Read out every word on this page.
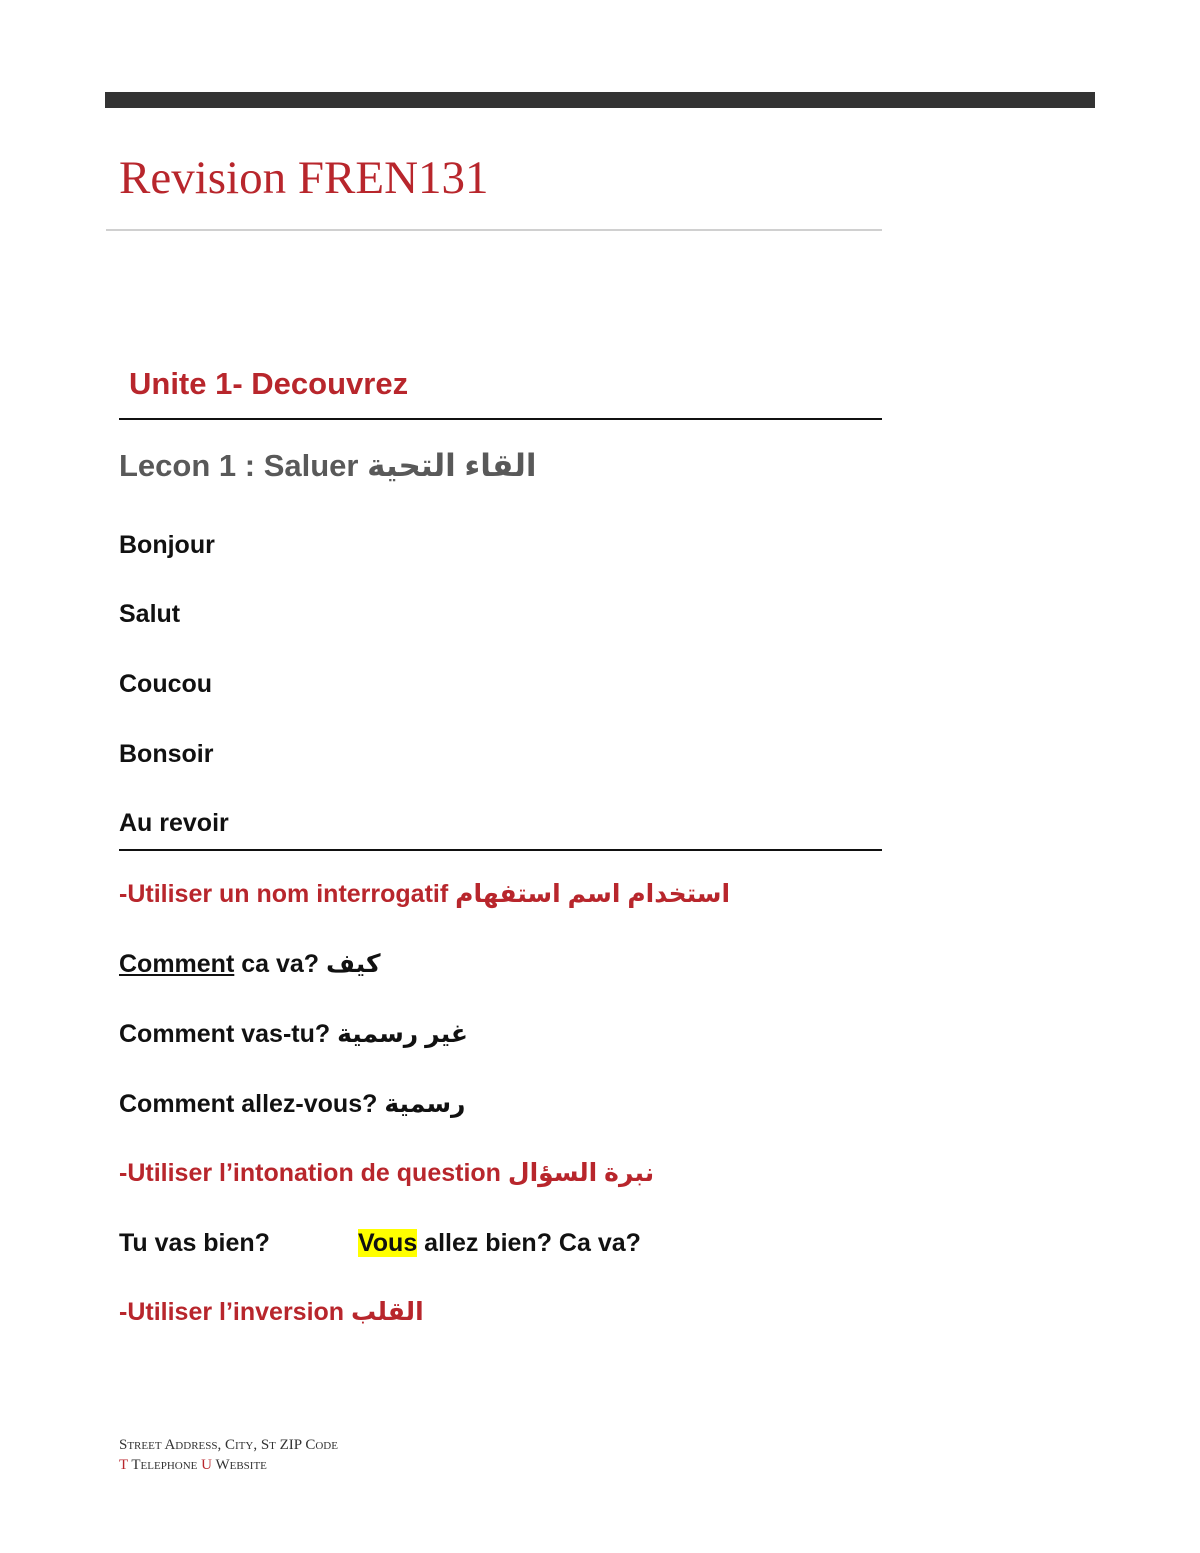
Revision FREN131
Unite 1- Decouvrez
Lecon 1 : Saluer القاء التحية
Bonjour
Salut
Coucou
Bonsoir
Au revoir
-Utiliser un nom interrogatif استخدام اسم استفهام
Comment ca va? كيف
Comment vas-tu? غير رسمية
Comment allez-vous? رسمية
-Utiliser l’intonation de question نبرة السؤال
Tu vas bien?	Vous allez bien? Ca va?
-Utiliser l’inversion القلب
Street Address, City, St ZIP Code
T Telephone U Website
